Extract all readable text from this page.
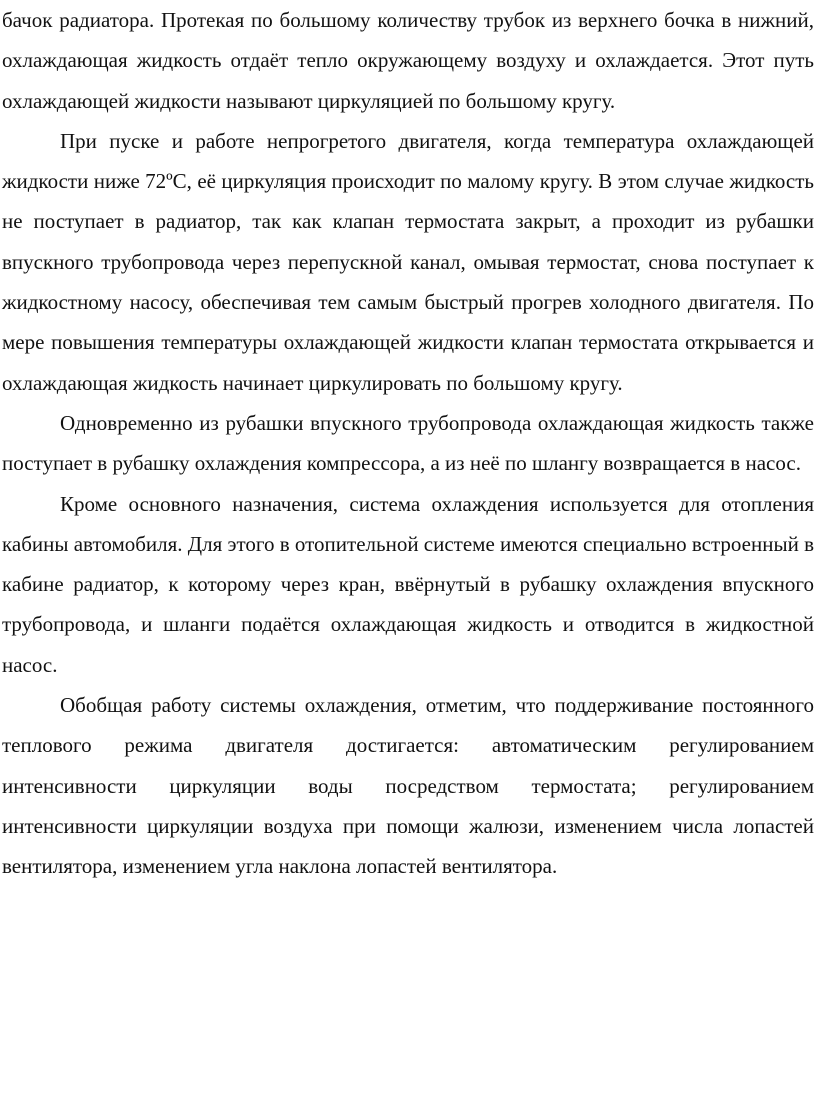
бачок радиатора. Протекая по большому количеству трубок из верхнего бочка в нижний, охлаждающая жидкость отдаёт тепло окружающему воздуху и охлаждается. Этот путь охлаждающей жидкости называют циркуляцией по большому кругу.

При пуске и работе непрогретого двигателя, когда температура охлаждающей жидкости ниже 72ºС, её циркуляция происходит по малому кругу. В этом случае жидкость не поступает в радиатор, так как клапан термостата закрыт, а проходит из рубашки впускного трубопровода через перепускной канал, омывая термостат, снова поступает к жидкостному насосу, обеспечивая тем самым быстрый прогрев холодного двигателя. По мере повышения температуры охлаждающей жидкости клапан термостата открывается и охлаждающая жидкость начинает циркулировать по большому кругу.

Одновременно из рубашки впускного трубопровода охлаждающая жидкость также поступает в рубашку охлаждения компрессора, а из неё по шлангу возвращается в насос.

Кроме основного назначения, система охлаждения используется для отопления кабины автомобиля. Для этого в отопительной системе имеются специально встроенный в кабине радиатор, к которому через кран, ввёрнутый в рубашку охлаждения впускного трубопровода, и шланги подаётся охлаждающая жидкость и отводится в жидкостной насос.

Обобщая работу системы охлаждения, отметим, что поддерживание постоянного теплового режима двигателя достигается: автоматическим регулированием интенсивности циркуляции воды посредством термостата; регулированием интенсивности циркуляции воздуха при помощи жалюзи, изменением числа лопастей вентилятора, изменением угла наклона лопастей вентилятора.
